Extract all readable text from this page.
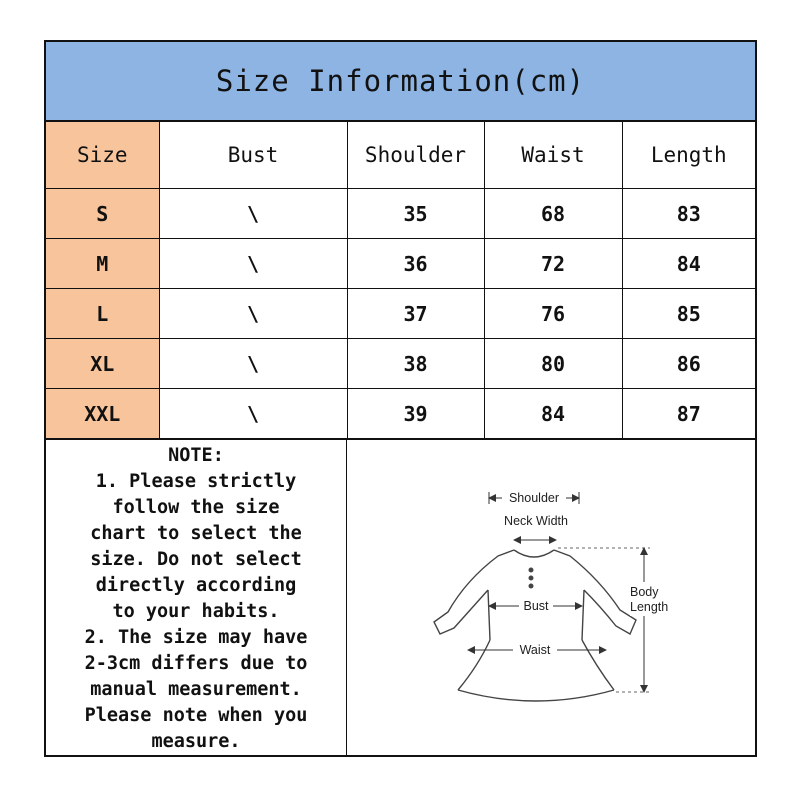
Size Information(cm)
Size	Bust	Shoulder	Waist	Length
S	\	35	68	83
M	\	36	72	84
L	\	37	76	85
XL	\	38	80	86
XXL	\	39	84	87
NOTE:
1. Please strictly
follow the size
chart to select the
size. Do not select
directly according
to your habits.
2. The size may have
2-3cm differs due to
manual measurement.
Please note when you
measure.
Shoulder
Neck Width
Bust
Waist
Body
Length
